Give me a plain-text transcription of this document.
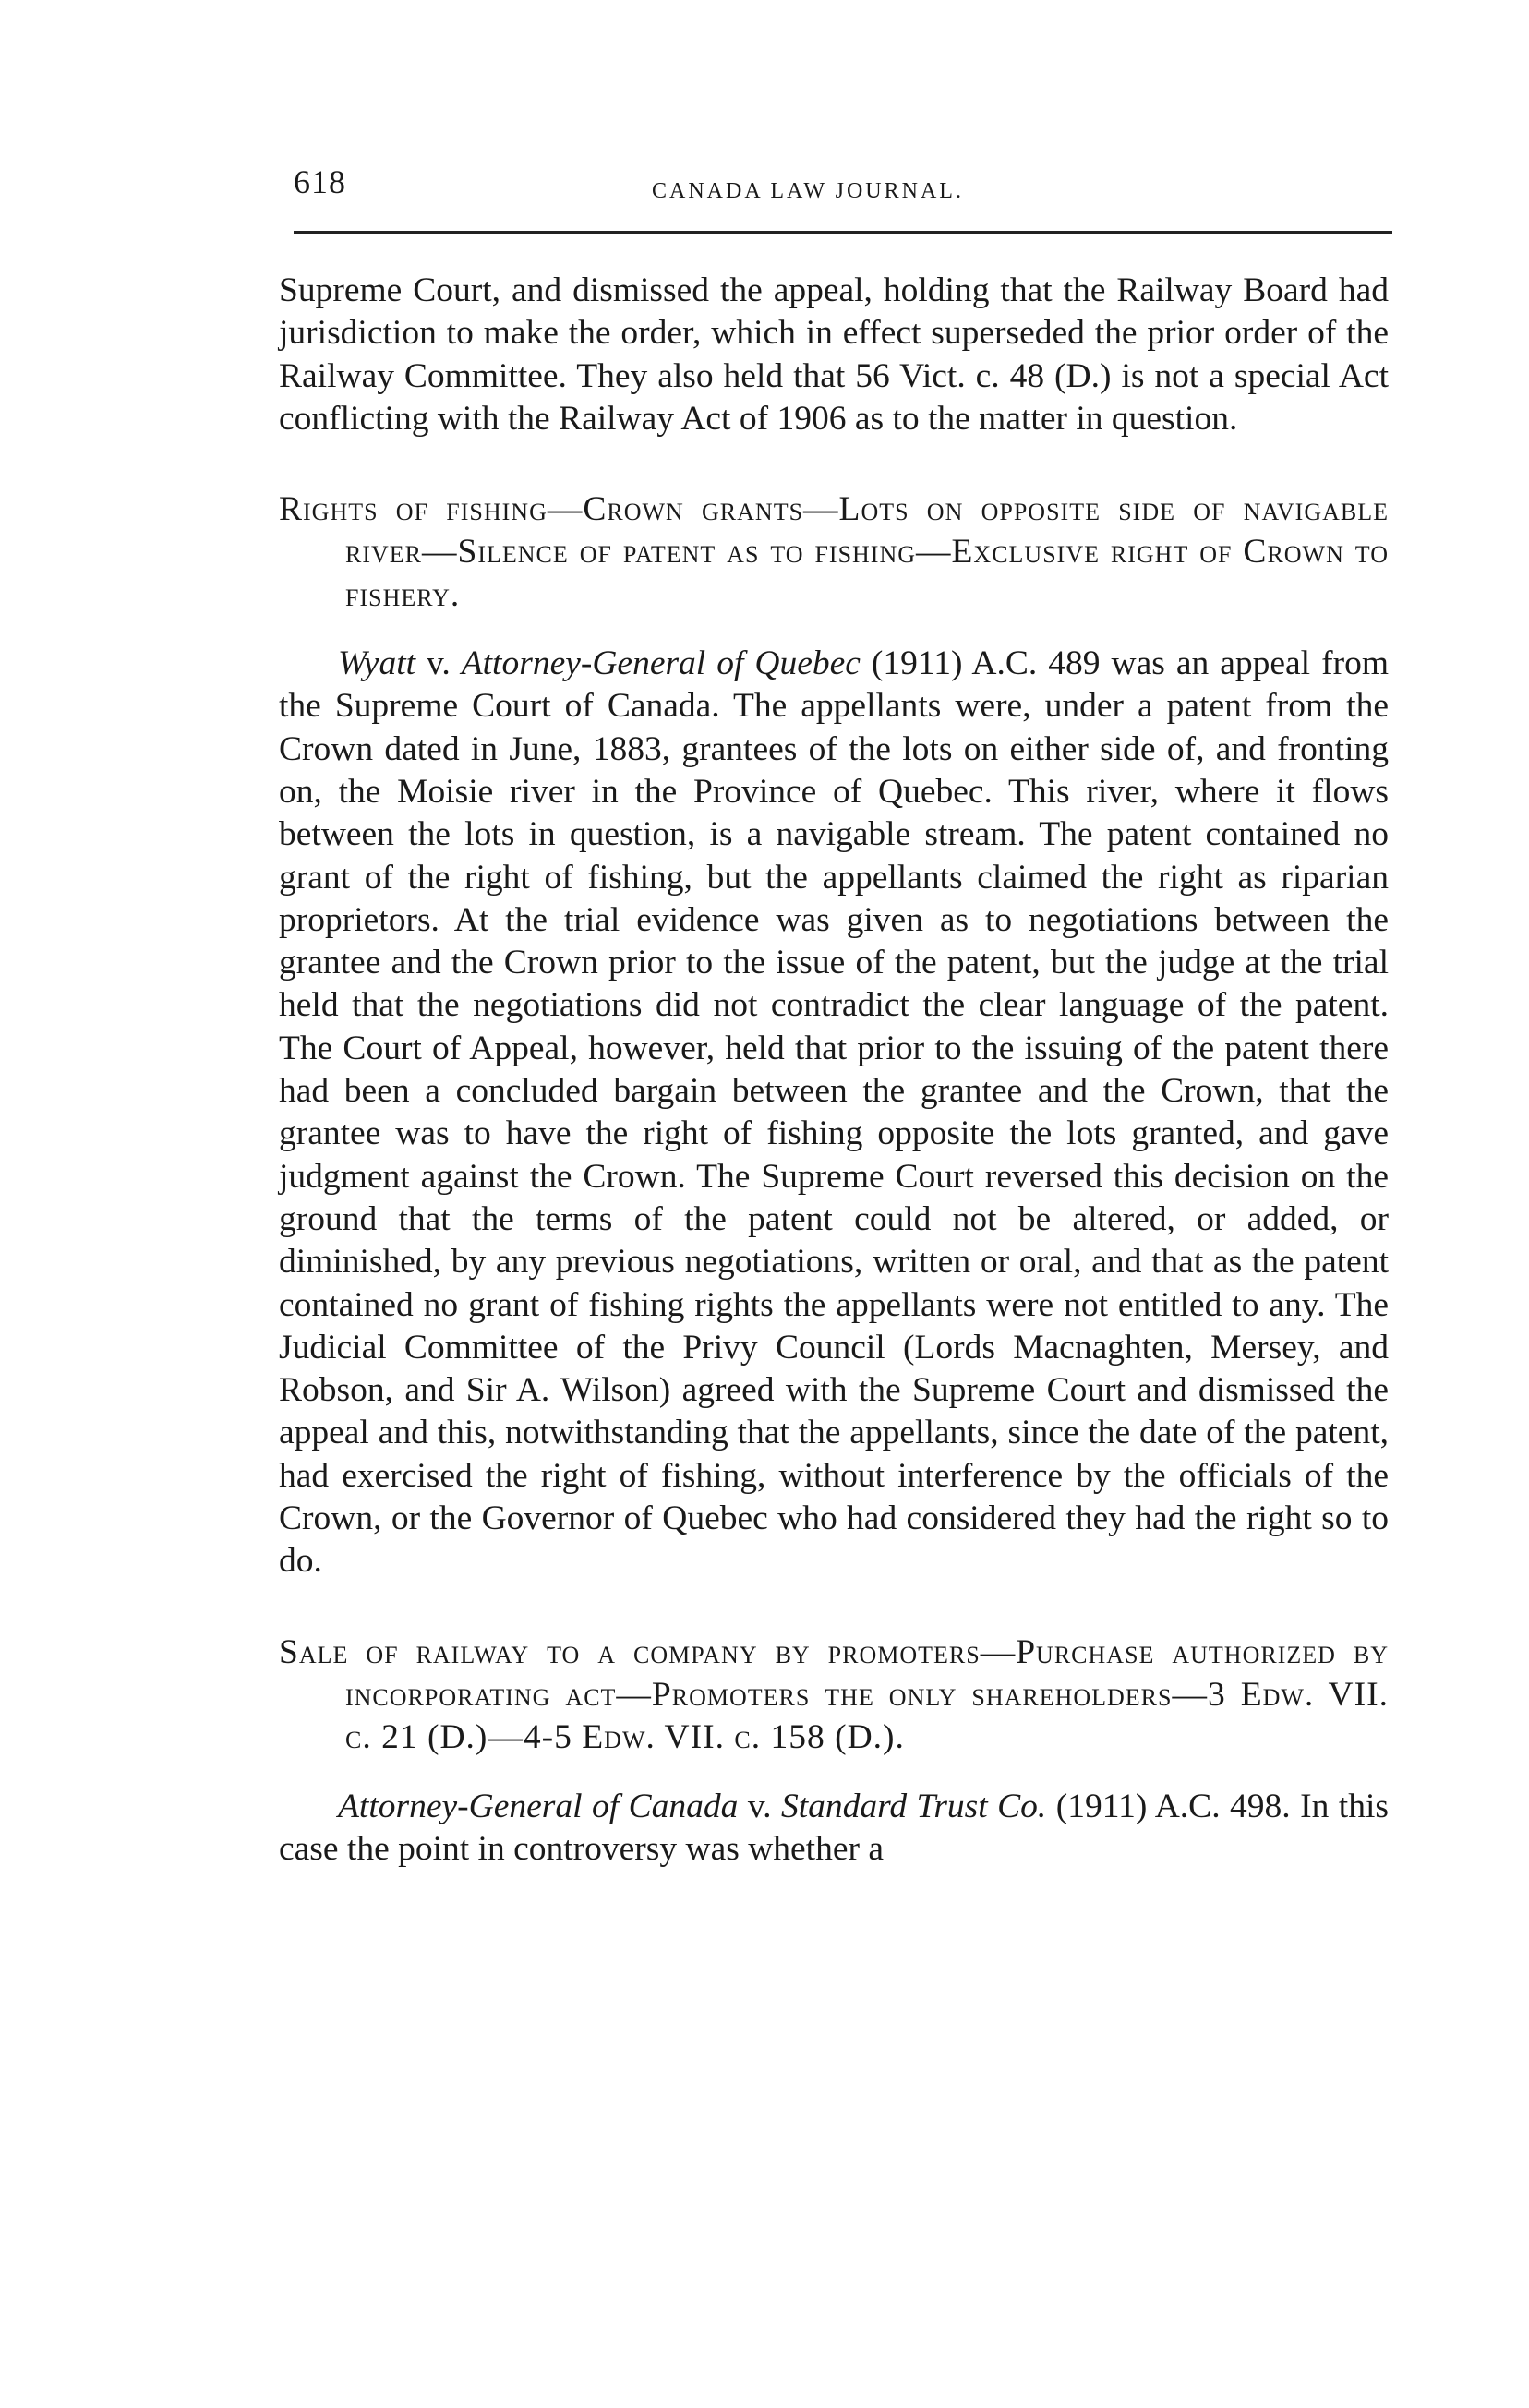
618	CANADA LAW JOURNAL.

Supreme Court, and dismissed the appeal, holding that the Railway Board had jurisdiction to make the order, which in effect superseded the prior order of the Railway Committee. They also held that 56 Vict. c. 48 (D.) is not a special Act conflicting with the Railway Act of 1906 as to the matter in question.

Rights of fishing—Crown grants—Lots on opposite side of navigable river—Silence of patent as to fishing—Exclusive right of Crown to fishery.

Wyatt v. Attorney-General of Quebec (1911) A.C. 489 was an appeal from the Supreme Court of Canada. The appellants were, under a patent from the Crown dated in June, 1883, grantees of the lots on either side of, and fronting on, the Moisie river in the Province of Quebec. This river, where it flows between the lots in question, is a navigable stream. The patent contained no grant of the right of fishing, but the appellants claimed the right as riparian proprietors. At the trial evidence was given as to negotiations between the grantee and the Crown prior to the issue of the patent, but the judge at the trial held that the negotiations did not contradict the clear language of the patent. The Court of Appeal, however, held that prior to the issuing of the patent there had been a concluded bargain between the grantee and the Crown, that the grantee was to have the right of fishing opposite the lots granted, and gave judgment against the Crown. The Supreme Court reversed this decision on the ground that the terms of the patent could not be altered, or added, or diminished, by any previous negotiations, written or oral, and that as the patent contained no grant of fishing rights the appellants were not entitled to any. The Judicial Committee of the Privy Council (Lords Macnaghten, Mersey, and Robson, and Sir A. Wilson) agreed with the Supreme Court and dismissed the appeal and this, notwithstanding that the appellants, since the date of the patent, had exercised the right of fishing, without interference by the officials of the Crown, or the Governor of Quebec who had considered they had the right so to do.

Sale of railway to a company by promoters—Purchase authorized by incorporating act—Promoters the only shareholders—3 Edw. VII. c. 21 (D.)—4-5 Edw. VII. c. 158 (D.).

Attorney-General of Canada v. Standard Trust Co. (1911) A.C. 498. In this case the point in controversy was whether a
